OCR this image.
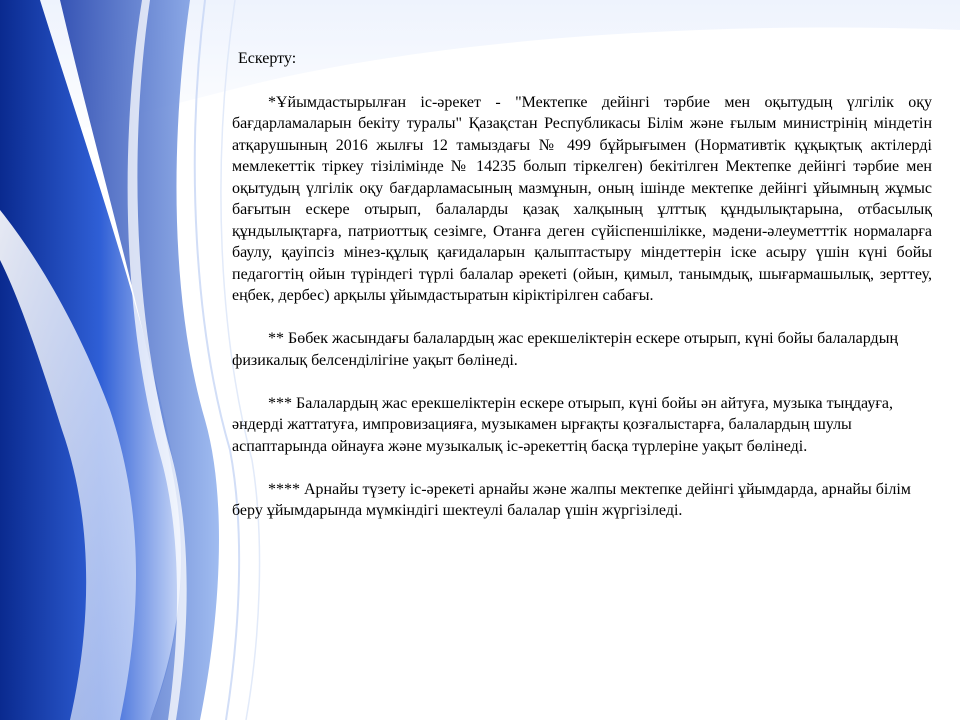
Ескерту:

*Ұйымдастырылған іс-әрекет - "Мектепке дейінгі тәрбие мен оқытудың үлгілік оқу бағдарламаларын бекіту туралы" Қазақстан Республикасы Білім және ғылым министрінің міндетін атқарушының 2016 жылғы 12 тамыздағы № 499 бұйрығымен (Нормативтік құқықтық актілерді мемлекеттік тіркеу тізілімінде № 14235 болып тіркелген) бекітілген Мектепке дейінгі тәрбие мен оқытудың үлгілік оқу бағдарламасының мазмұнын, оның ішінде мектепке дейінгі ұйымның жұмыс бағытын ескере отырып, балаларды қазақ халқының ұлттық құндылықтарына, отбасылық құндылықтарға, патриоттық сезімге, Отанға деген сүйіспеншілікке, мәдени-әлеуметттік нормаларға баулу, қауіпсіз мінез-құлық қағидаларын қалыптастыру міндеттерін іске асыру үшін күні бойы педагогтің ойын түріндегі түрлі балалар әрекеті (ойын, қимыл, танымдық, шығармашылық, зерттеу, еңбек, дербес) арқылы ұйымдастыратын кіріктірілген сабағы.

** Бөбек жасындағы балалардың жас ерекшеліктерін ескере отырып, күні бойы балалардың физикалық белсенділігіне уақыт бөлінеді.

*** Балалардың жас ерекшеліктерін ескере отырып, күні бойы ән айтуға, музыка тыңдауға, әндерді жаттатуға, импровизацияға, музыкамен ырғақты қозғалыстарға, балалардың шулы аспаптарында ойнауға және музыкалық іс-әрекеттің басқа түрлеріне уақыт бөлінеді.

**** Арнайы түзету іс-әрекеті арнайы және жалпы мектепке дейінгі ұйымдарда, арнайы білім беру ұйымдарында мүмкіндігі шектеулі балалар үшін жүргізіледі.
